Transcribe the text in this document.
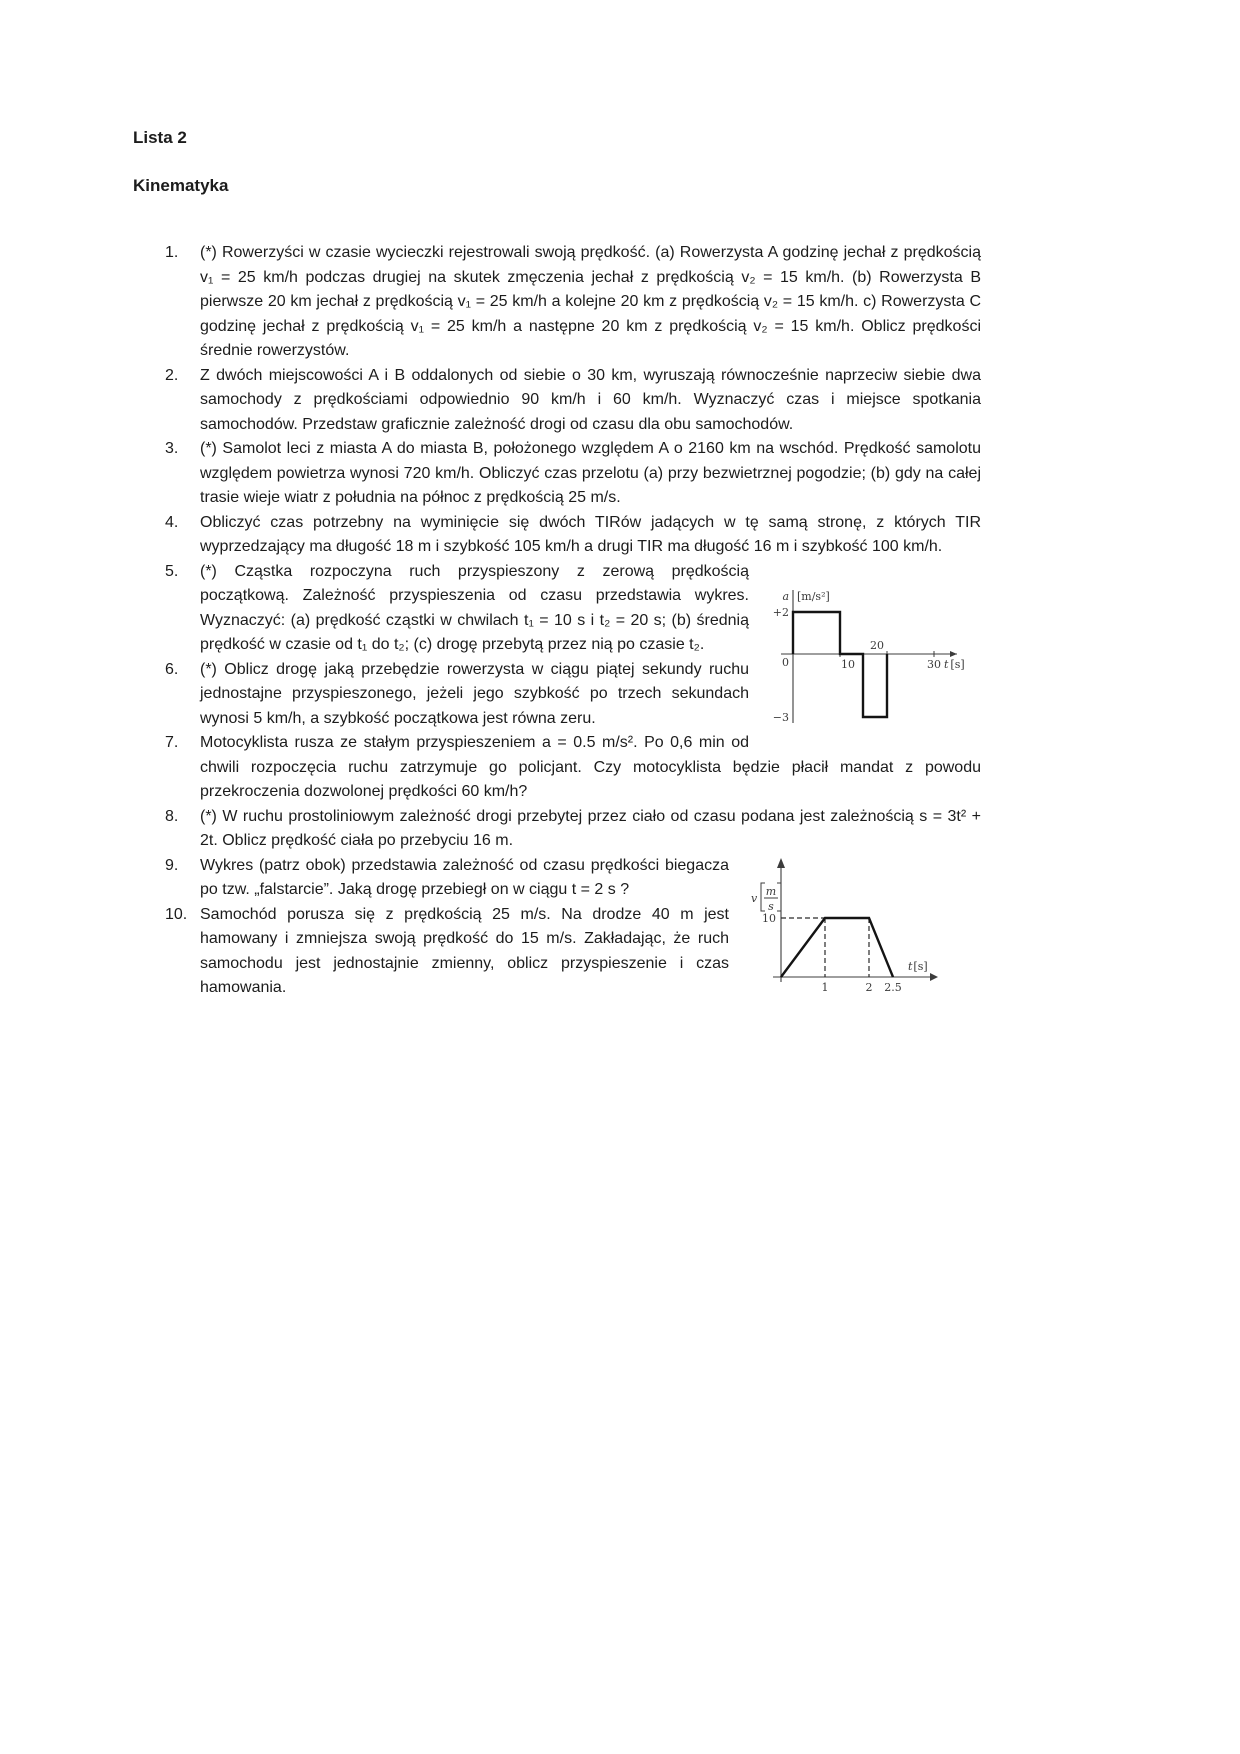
Lista 2
Kinematyka
1. (*) Rowerzyści w czasie wycieczki rejestrowali swoją prędkość. (a) Rowerzysta A godzinę jechał z prędkością v₁ = 25 km/h podczas drugiej na skutek zmęczenia jechał z prędkością v₂ = 15 km/h. (b) Rowerzysta B pierwsze 20 km jechał z prędkością v₁ = 25 km/h a kolejne 20 km z prędkością v₂ = 15 km/h. c) Rowerzysta C godzinę jechał z prędkością v₁ = 25 km/h a następne 20 km z prędkością v₂ = 15 km/h. Oblicz prędkości średnie rowerzystów.
2. Z dwóch miejscowości A i B oddalonych od siebie o 30 km, wyruszają równocześnie naprzeciw siebie dwa samochody z prędkościami odpowiednio 90 km/h i 60 km/h. Wyznaczyć czas i miejsce spotkania samochodów. Przedstaw graficznie zależność drogi od czasu dla obu samochodów.
3. (*) Samolot leci z miasta A do miasta B, położonego względem A o 2160 km na wschód. Prędkość samolotu względem powietrza wynosi 720 km/h. Obliczyć czas przelotu (a) przy bezwietrznej pogodzie; (b) gdy na całej trasie wieje wiatr z południa na północ z prędkością 25 m/s.
4. Obliczyć czas potrzebny na wyminięcie się dwóch TIRów jadących w tę samą stronę, z których TIR wyprzedzający ma długość 18 m i szybkość 105 km/h a drugi TIR ma długość 16 m i szybkość 100 km/h.
a [m/s²]
+2
0
−3
10
20
30 t [s]
5. (*) Cząstka rozpoczyna ruch przyspieszony z zerową prędkością początkową. Zależność przyspieszenia od czasu przedstawia wykres. Wyznaczyć: (a) prędkość cząstki w chwilach t₁ = 10 s i t₂ = 20 s; (b) średnią prędkość w czasie od t₁ do t₂; (c) drogę przebytą przez nią po czasie t₂.
6. (*) Oblicz drogę jaką przebędzie rowerzysta w ciągu piątej sekundy ruchu jednostajne przyspieszonego, jeżeli jego szybkość po trzech sekundach wynosi 5 km/h, a szybkość początkowa jest równa zeru.
7. Motocyklista rusza ze stałym przyspieszeniem a = 0.5 m/s². Po 0,6 min od chwili rozpoczęcia ruchu zatrzymuje go policjant. Czy motocyklista będzie płacił mandat z powodu przekroczenia dozwolonej prędkości 60 km/h?
8. (*) W ruchu prostoliniowym zależność drogi przebytej przez ciało od czasu podana jest zależnością s = 3t² + 2t. Oblicz prędkość ciała po przebyciu 16 m.
v
m
s
10
1	2 2.5
t[s]
9. Wykres (patrz obok) przedstawia zależność od czasu prędkości biegacza po tzw. „falstarcie”. Jaką drogę przebiegł on w ciągu t = 2 s ?
10. Samochód porusza się z prędkością 25 m/s. Na drodze 40 m jest hamowany i zmniejsza swoją prędkość do 15 m/s. Zakładając, że ruch samochodu jest jednostajnie zmienny, oblicz przyspieszenie i czas hamowania.
